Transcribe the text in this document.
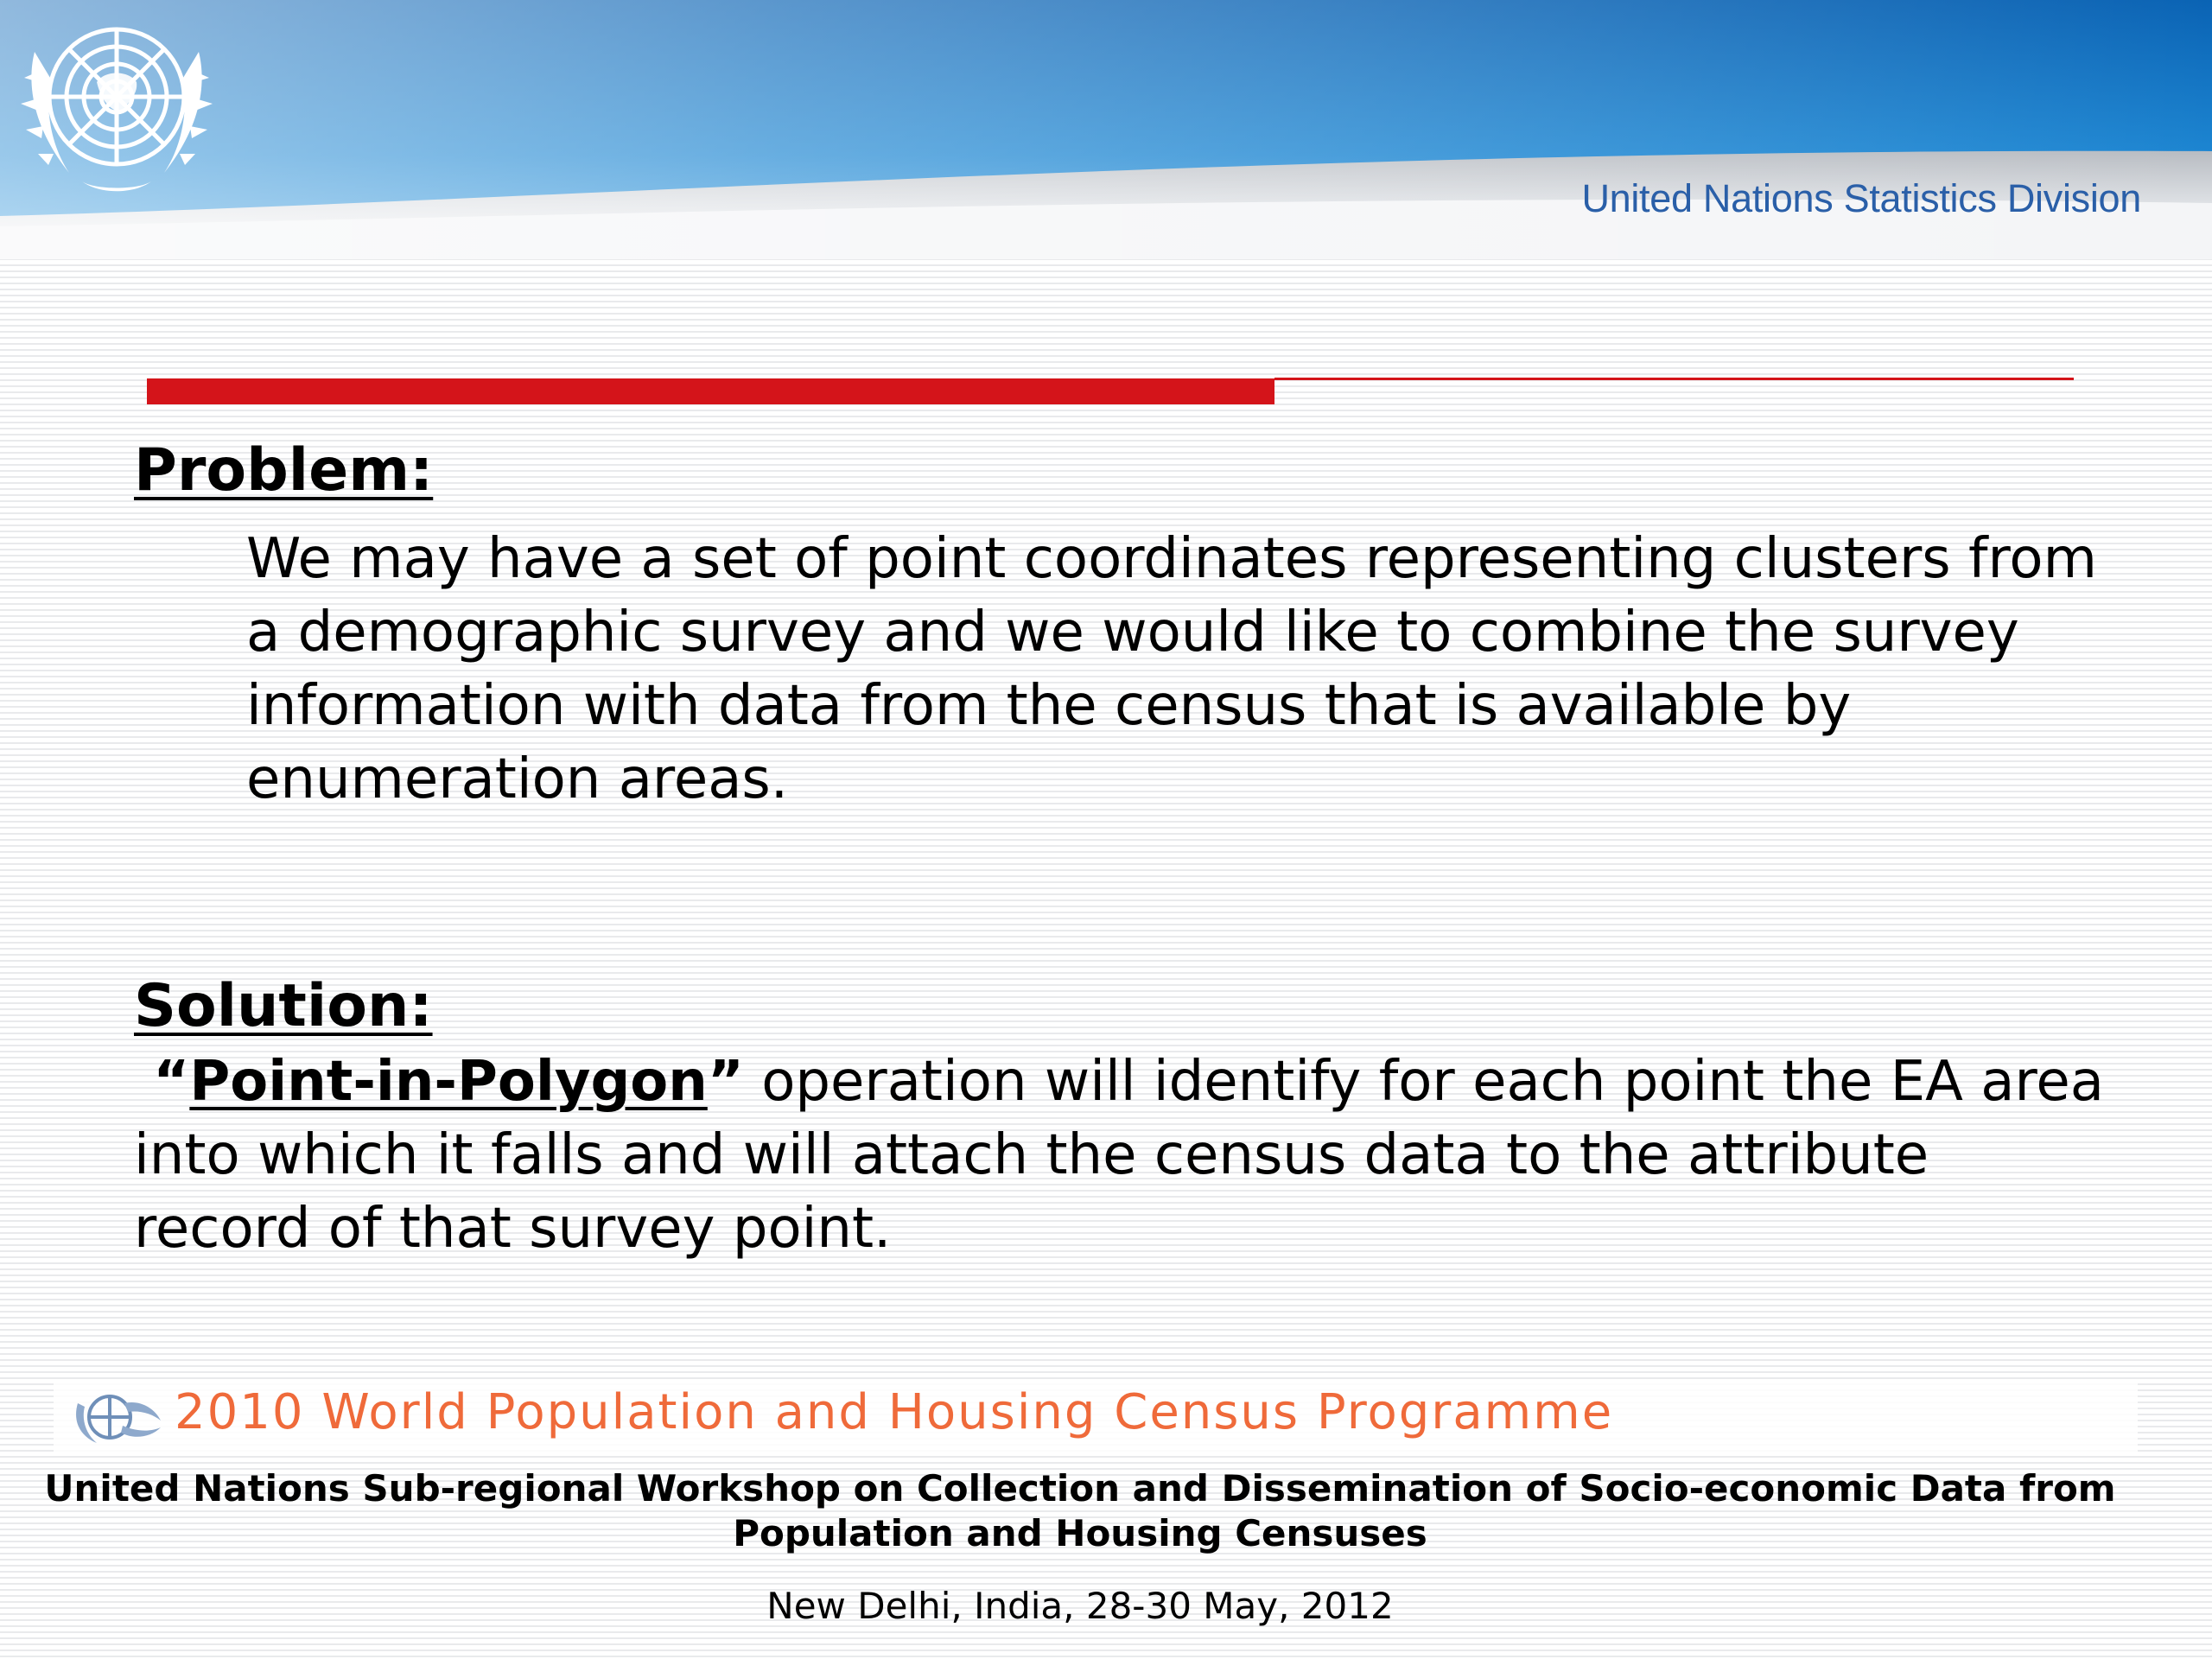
United Nations Statistics Division
Problem:
We may have a set of point coordinates representing clusters from a demographic survey and we would like to combine the survey information with data from the census that is available by enumeration areas.
Solution:
“Point-in-Polygon” operation will identify for each point the EA area into which it falls and will attach the census data to the attribute record of that survey point.
2010 World Population and Housing Census Programme
United Nations Sub-regional Workshop on Collection and Dissemination of Socio-economic Data from
Population and Housing Censuses
New Delhi, India, 28-30 May, 2012
